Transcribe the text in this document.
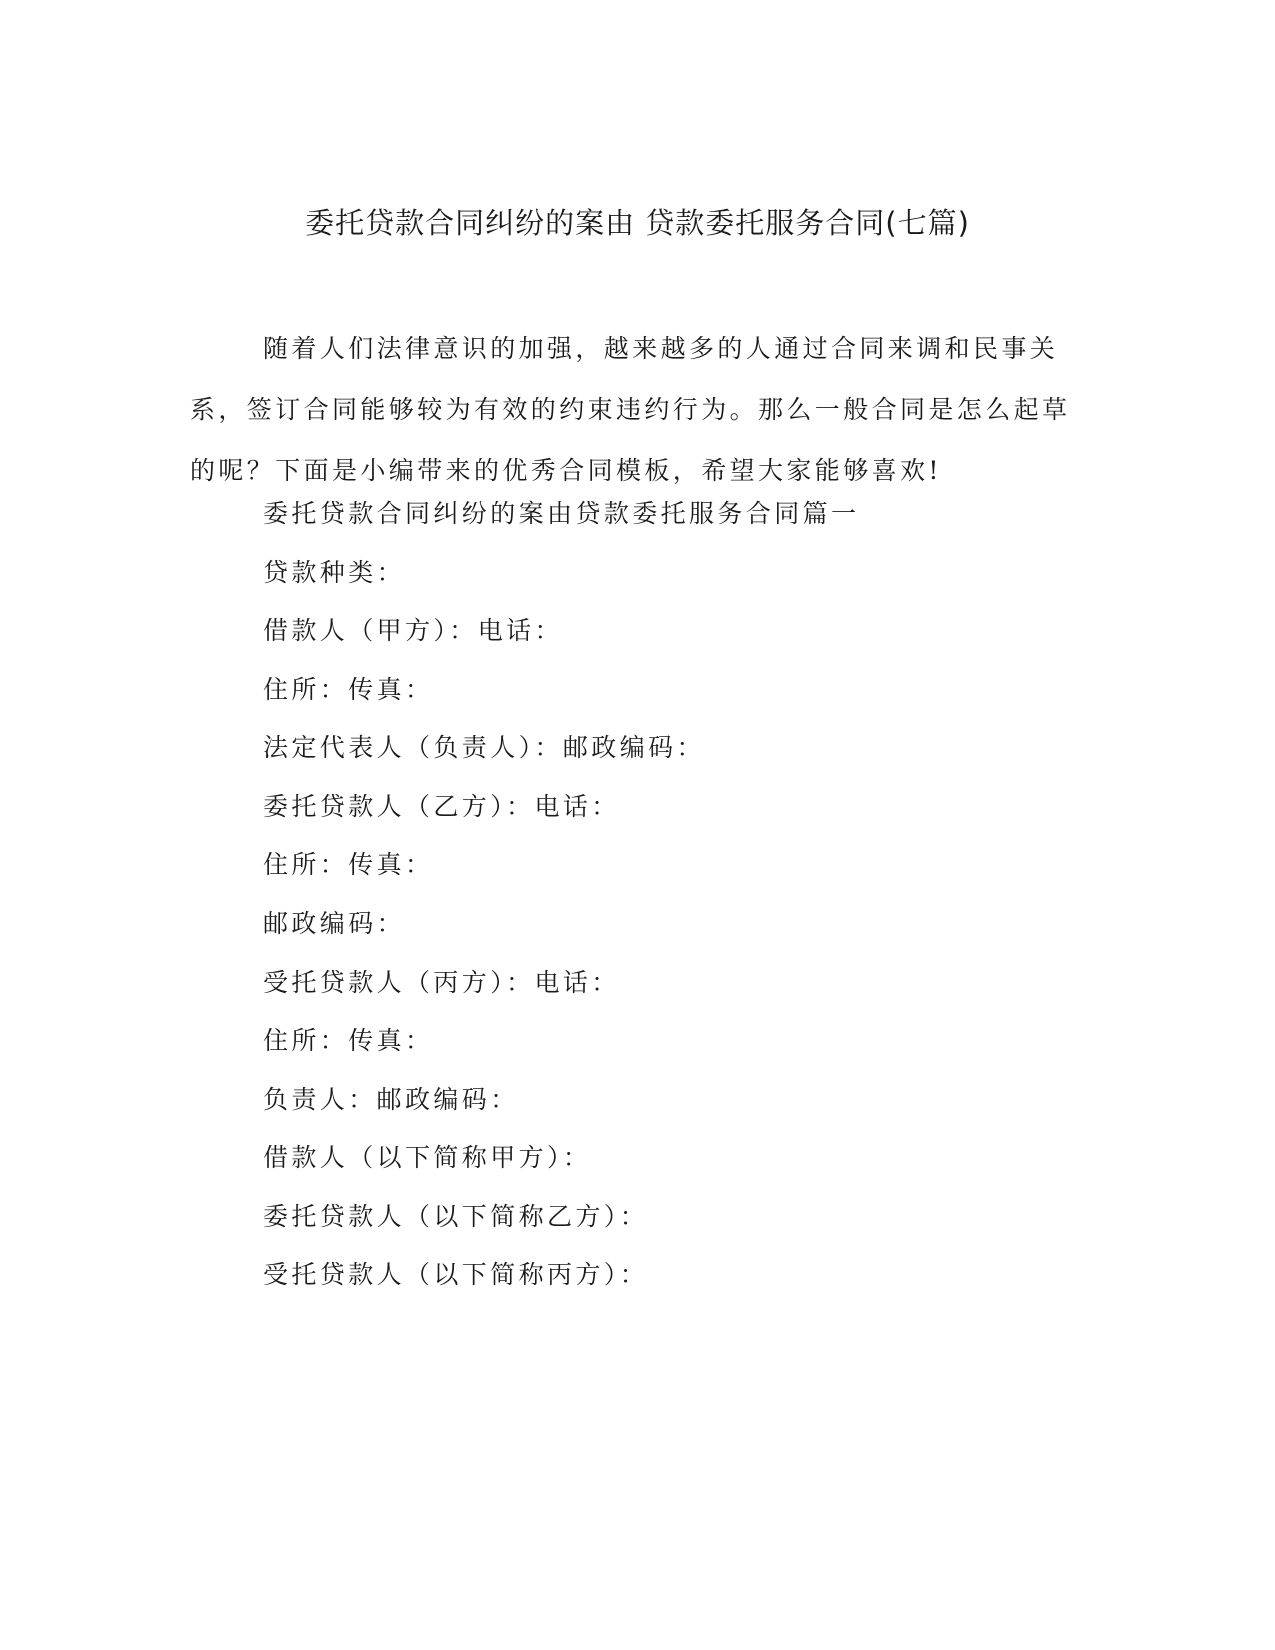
委托贷款合同纠纷的案由 贷款委托服务合同(七篇)

随着人们法律意识的加强，越来越多的人通过合同来调和民事关系，签订合同能够较为有效的约束违约行为。那么一般合同是怎么起草的呢？下面是小编带来的优秀合同模板，希望大家能够喜欢!

委托贷款合同纠纷的案由贷款委托服务合同篇一

贷款种类：

借款人（甲方）：电话：

住所：传真：

法定代表人（负责人）：邮政编码：

委托贷款人（乙方）：电话：

住所：传真：

邮政编码：

受托贷款人（丙方）：电话：

住所：传真：

负责人：邮政编码：

借款人（以下简称甲方）：

委托贷款人（以下简称乙方）：

受托贷款人（以下简称丙方）：
